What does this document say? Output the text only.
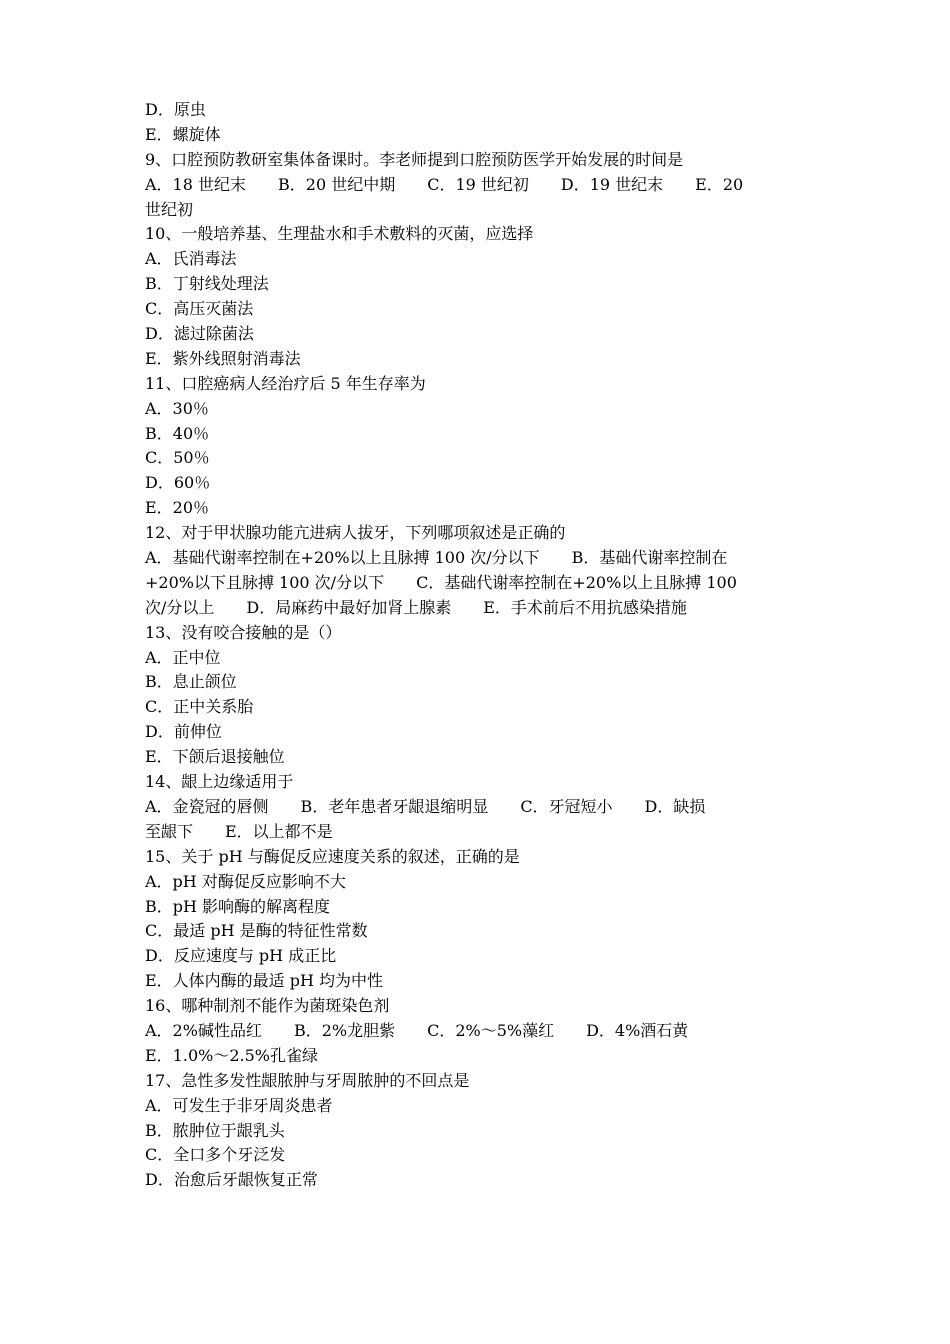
D．原虫
E．螺旋体
9、口腔预防教研室集体备课时。李老师提到口腔预防医学开始发展的时间是
A．18 世纪末　　B．20 世纪中期　　C．19 世纪初　　D．19 世纪末　　E．20
世纪初
10、一般培养基、生理盐水和手术敷料的灭菌，应选择
A．氏消毒法
B．丁射线处理法
C．高压灭菌法
D．滤过除菌法
E．紫外线照射消毒法
11、口腔癌病人经治疗后 5 年生存率为
A．30％
B．40％
C．50％
D．60％
E．20％
12、对于甲状腺功能亢进病人拔牙，下列哪项叙述是正确的
A．基础代谢率控制在+20%以上且脉搏 100 次/分以下　　B．基础代谢率控制在
+20%以下且脉搏 100 次/分以下　　C．基础代谢率控制在+20%以上且脉搏 100
次/分以上　　D．局麻药中最好加肾上腺素　　E．手术前后不用抗感染措施
13、没有咬合接触的是（）
A．正中位
B．息止颌位
C．正中关系胎
D．前伸位
E．下颌后退接触位
14、龈上边缘适用于
A．金瓷冠的唇侧　　B．老年患者牙龈退缩明显　　C．牙冠短小　　D．缺损
至龈下　　E．以上都不是
15、关于 pH 与酶促反应速度关系的叙述，正确的是
A．pH 对酶促反应影响不大
B．pH 影响酶的解离程度
C．最适 pH 是酶的特征性常数
D．反应速度与 pH 成正比
E．人体内酶的最适 pH 均为中性
16、哪种制剂不能作为菌斑染色剂
A．2%碱性品红　　B．2%龙胆紫　　C．2%～5%藻红　　D．4%酒石黄
E．1.0%～2.5%孔雀绿
17、急性多发性龈脓肿与牙周脓肿的不回点是
A．可发生于非牙周炎患者
B．脓肿位于龈乳头
C．全口多个牙泛发
D．治愈后牙龈恢复正常
